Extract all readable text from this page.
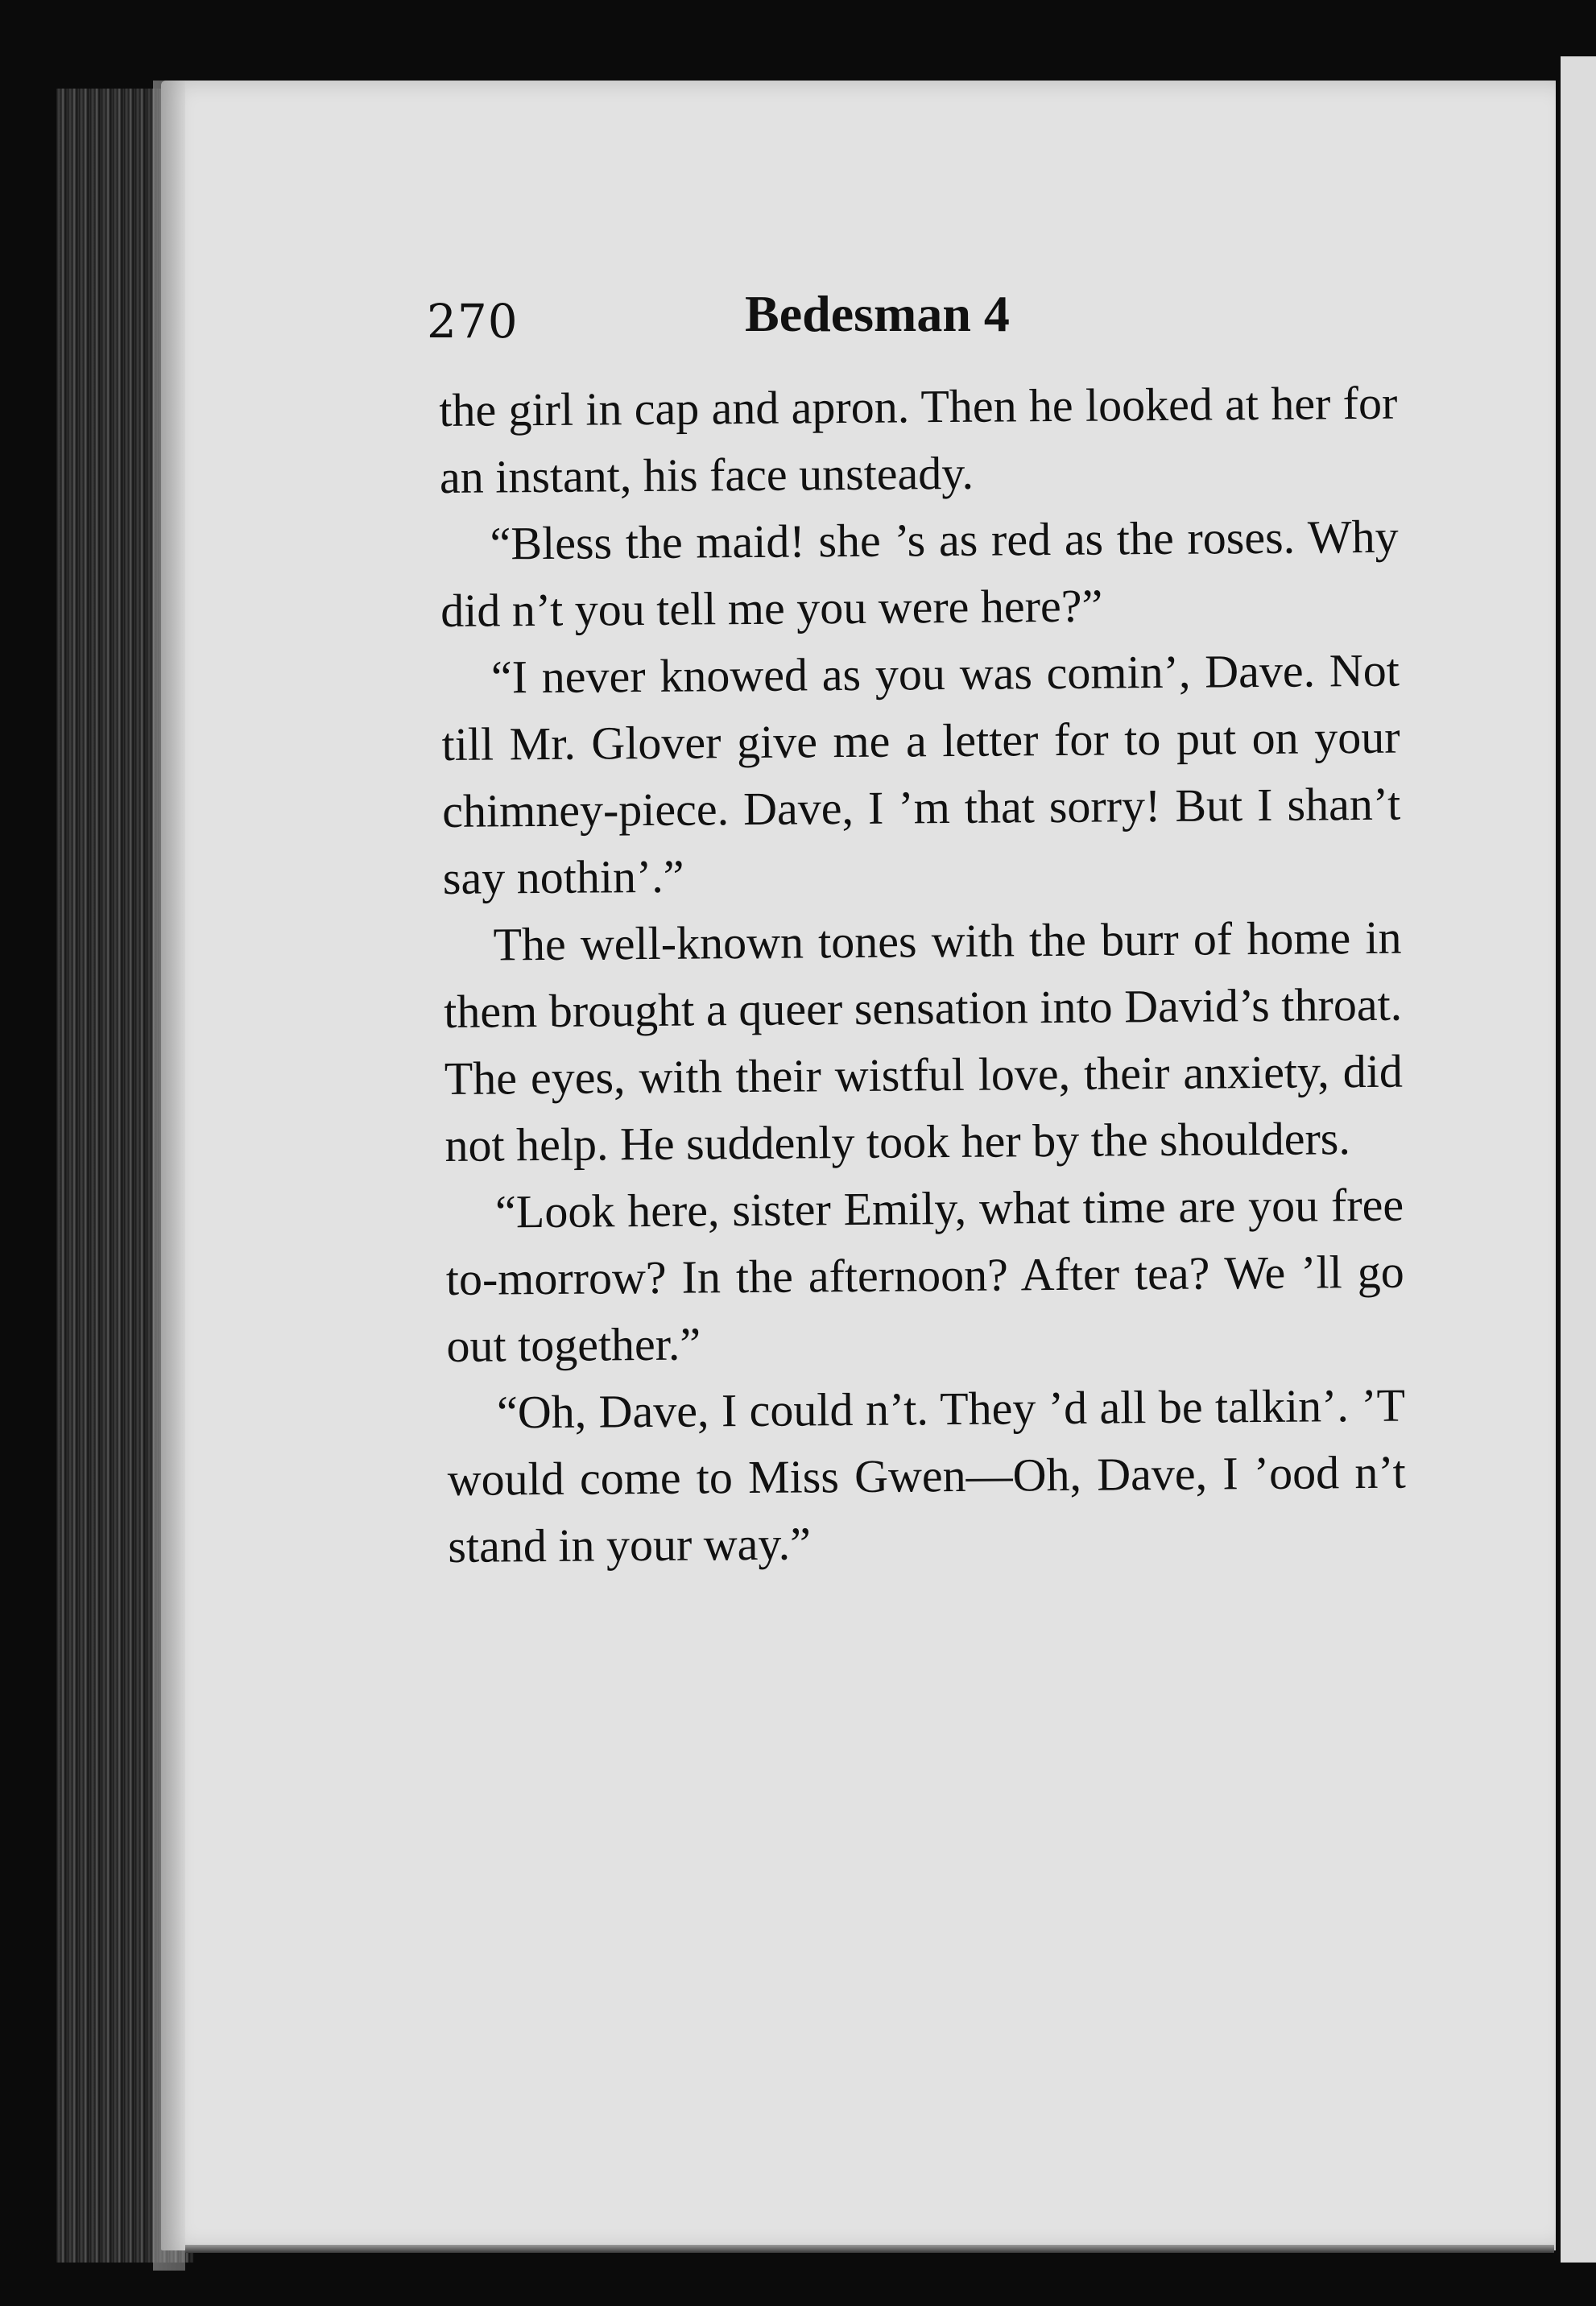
270	Bedesman 4

the girl in cap and apron. Then he looked at her for an instant, his face unsteady.

“Bless the maid! she ’s as red as the roses. Why did n’t you tell me you were here?”

“I never knowed as you was comin’, Dave. Not till Mr. Glover give me a letter for to put on your chimney-piece. Dave, I ’m that sorry! But I shan’t say nothin’.”

The well-known tones with the burr of home in them brought a queer sensation into David’s throat. The eyes, with their wistful love, their anxiety, did not help. He suddenly took her by the shoulders.

“Look here, sister Emily, what time are you free to-morrow? In the afternoon? After tea? We ’ll go out together.”

“Oh, Dave, I could n’t. They ’d all be talkin’. ’T would come to Miss Gwen—Oh, Dave, I ’ood n’t stand in your way.”
